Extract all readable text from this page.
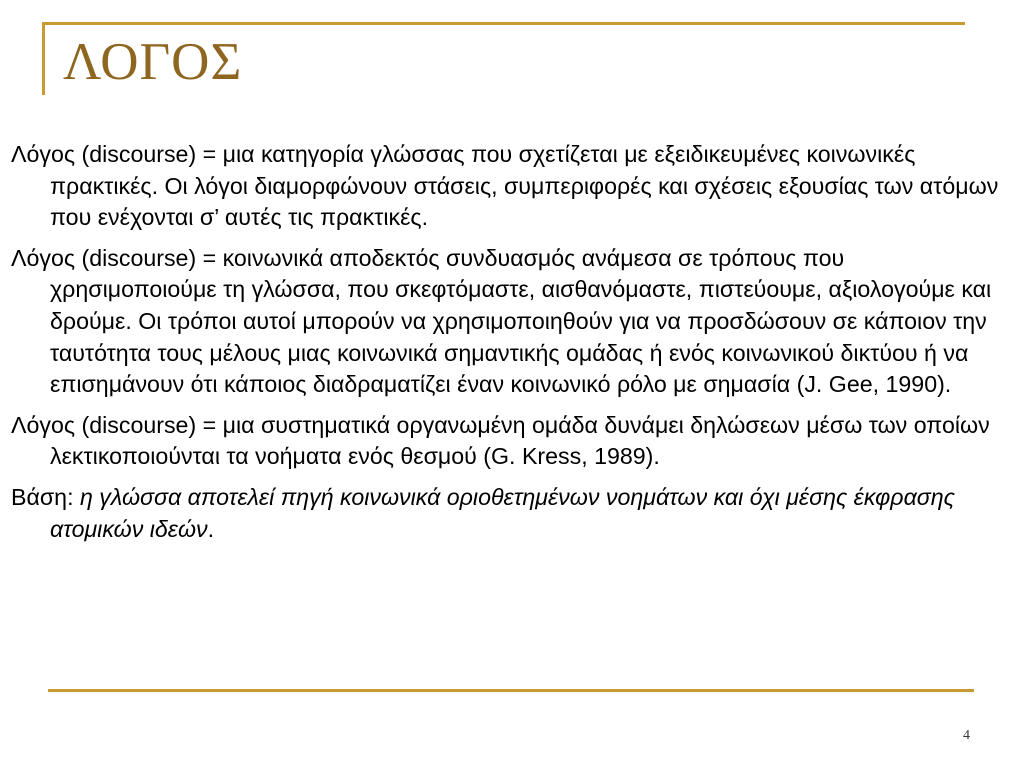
ΛΟΓΟΣ

Λόγος (discourse) = μια κατηγορία γλώσσας που σχετίζεται με εξειδικευμένες κοινωνικές πρακτικές. Οι λόγοι διαμορφώνουν στάσεις, συμπεριφορές και σχέσεις εξουσίας των ατόμων που ενέχονται σ’ αυτές τις πρακτικές.

Λόγος (discourse) = κοινωνικά αποδεκτός συνδυασμός ανάμεσα σε τρόπους που χρησιμοποιούμε τη γλώσσα, που σκεφτόμαστε, αισθανόμαστε, πιστεύουμε, αξιολογούμε και δρούμε. Οι τρόποι αυτοί μπορούν να χρησιμοποιηθούν για να προσδώσουν σε κάποιον την ταυτότητα τους μέλους μιας κοινωνικά σημαντικής ομάδας ή ενός κοινωνικού δικτύου ή να επισημάνουν ότι κάποιος διαδραματίζει έναν κοινωνικό ρόλο με σημασία (J. Gee, 1990).

Λόγος (discourse) = μια συστηματικά οργανωμένη ομάδα δυνάμει δηλώσεων μέσω των οποίων λεκτικοποιούνται τα νοήματα ενός θεσμού (G. Kress, 1989).

Βάση: η γλώσσα αποτελεί πηγή κοινωνικά οριοθετημένων νοημάτων και όχι μέσης έκφρασης ατομικών ιδεών.

4
